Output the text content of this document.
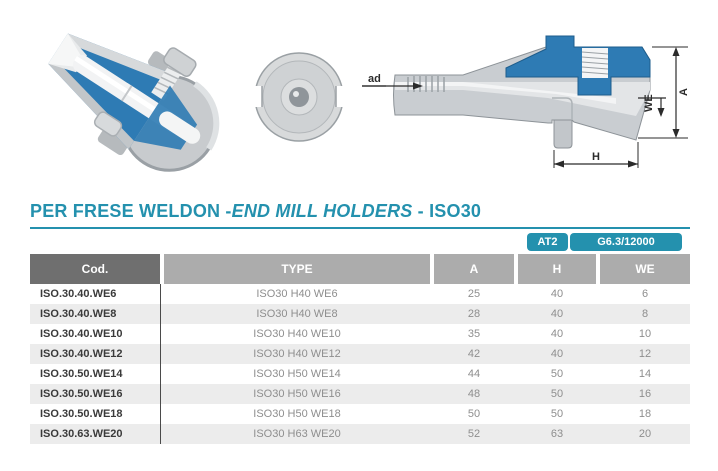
ad
WE
A
H
PER FRESE WELDON -END MILL HOLDERS - ISO30
AT2	G6.3/12000
Cod.	TYPE	A	H	WE
ISO.30.40.WE6	ISO30 H40 WE6	25	40	6
ISO.30.40.WE8	ISO30 H40 WE8	28	40	8
ISO.30.40.WE10	ISO30 H40 WE10	35	40	10
ISO.30.40.WE12	ISO30 H40 WE12	42	40	12
ISO.30.50.WE14	ISO30 H50 WE14	44	50	14
ISO.30.50.WE16	ISO30 H50 WE16	48	50	16
ISO.30.50.WE18	ISO30 H50 WE18	50	50	18
ISO.30.63.WE20	ISO30 H63 WE20	52	63	20
